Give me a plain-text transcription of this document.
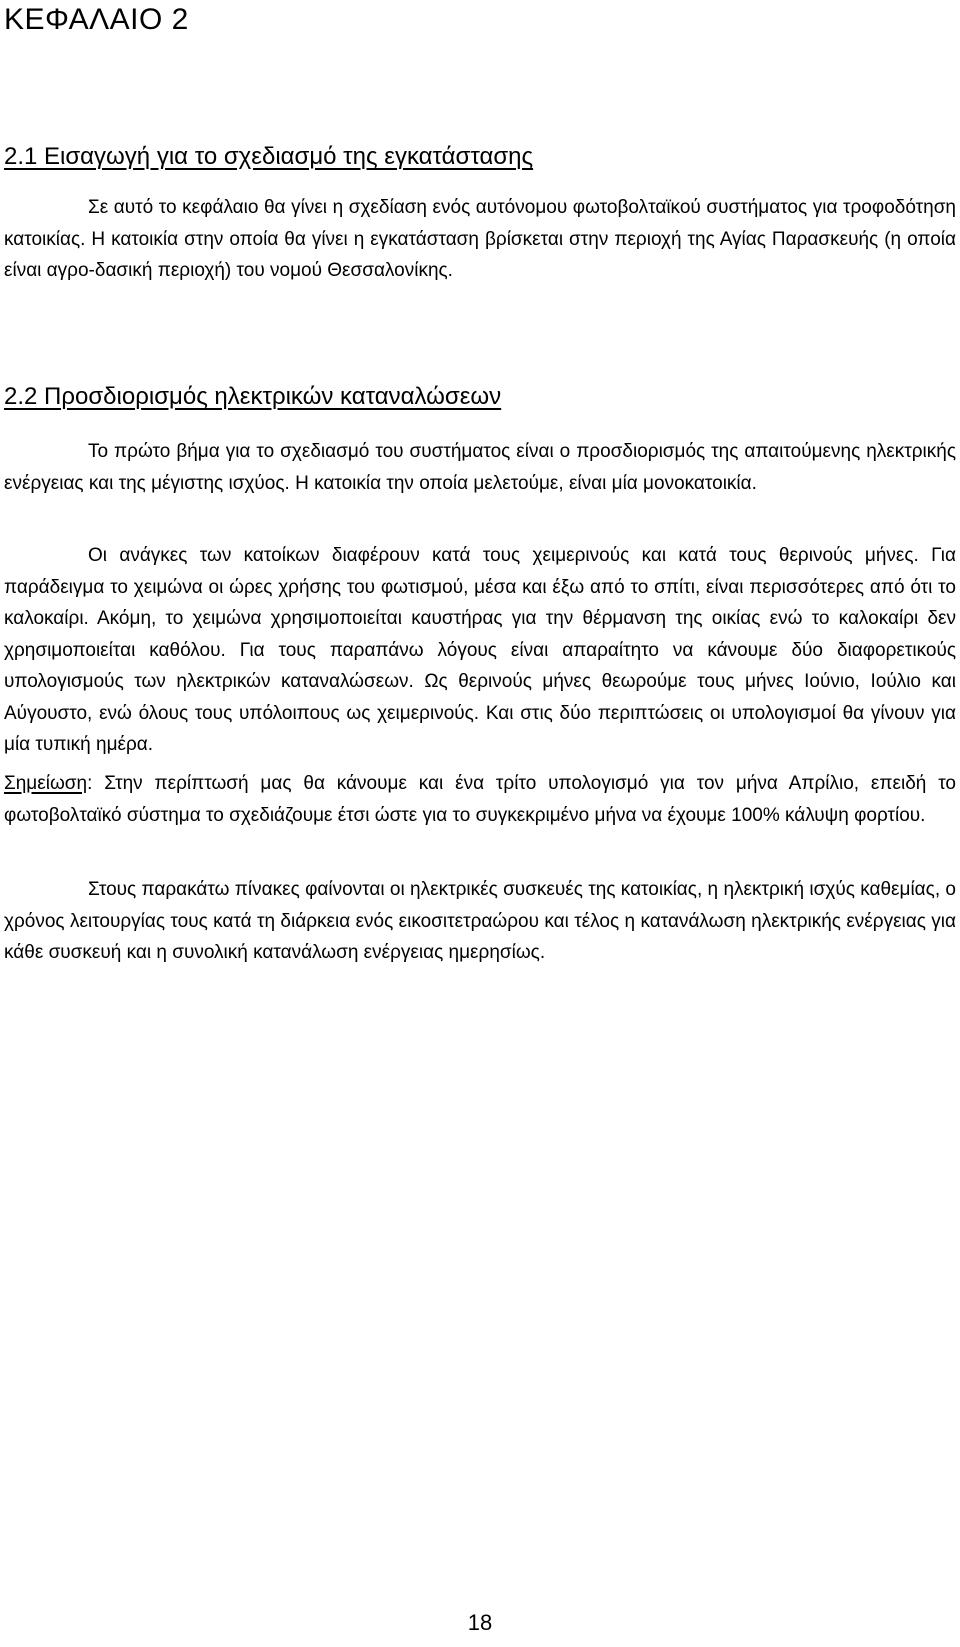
ΚΕΦΑΛΑΙΟ 2
2.1 Εισαγωγή για το σχεδιασμό της εγκατάστασης

Σε αυτό το κεφάλαιο θα γίνει η σχεδίαση ενός αυτόνομου φωτοβολταϊκού συστήματος για τροφοδότηση κατοικίας. Η κατοικία στην οποία θα γίνει η εγκατάσταση βρίσκεται στην περιοχή της Αγίας Παρασκευής (η οποία είναι αγρο-δασική περιοχή) του νομού Θεσσαλονίκης.

2.2 Προσδιορισμός ηλεκτρικών καταναλώσεων

Το πρώτο βήμα για το σχεδιασμό του συστήματος είναι ο προσδιορισμός της απαιτούμενης ηλεκτρικής ενέργειας και της μέγιστης ισχύος. Η κατοικία την οποία μελετούμε, είναι μία μονοκατοικία.

Οι ανάγκες των κατοίκων διαφέρουν κατά τους χειμερινούς και κατά τους θερινούς μήνες. Για παράδειγμα το χειμώνα οι ώρες χρήσης του φωτισμού, μέσα και έξω από το σπίτι, είναι περισσότερες από ότι το καλοκαίρι. Ακόμη, το χειμώνα χρησιμοποιείται καυστήρας για την θέρμανση της οικίας ενώ το καλοκαίρι δεν χρησιμοποιείται καθόλου. Για τους παραπάνω λόγους είναι απαραίτητο να κάνουμε δύο διαφορετικούς υπολογισμούς των ηλεκτρικών καταναλώσεων. Ως θερινούς μήνες θεωρούμε τους μήνες Ιούνιο, Ιούλιο και Αύγουστο, ενώ όλους τους υπόλοιπους ως χειμερινούς. Και στις δύο περιπτώσεις οι υπολογισμοί θα γίνουν για μία τυπική ημέρα.

Σημείωση: Στην περίπτωσή μας θα κάνουμε και ένα τρίτο υπολογισμό για τον μήνα Απρίλιο, επειδή το φωτοβολταϊκό σύστημα το σχεδιάζουμε έτσι ώστε για το συγκεκριμένο μήνα να έχουμε 100% κάλυψη φορτίου.

Στους παρακάτω πίνακες φαίνονται οι ηλεκτρικές συσκευές της κατοικίας, η ηλεκτρική ισχύς καθεμίας, ο χρόνος λειτουργίας τους κατά τη διάρκεια ενός εικοσιτετραώρου και τέλος η κατανάλωση ηλεκτρικής ενέργειας για κάθε συσκευή και η συνολική κατανάλωση ενέργειας ημερησίως.

18
